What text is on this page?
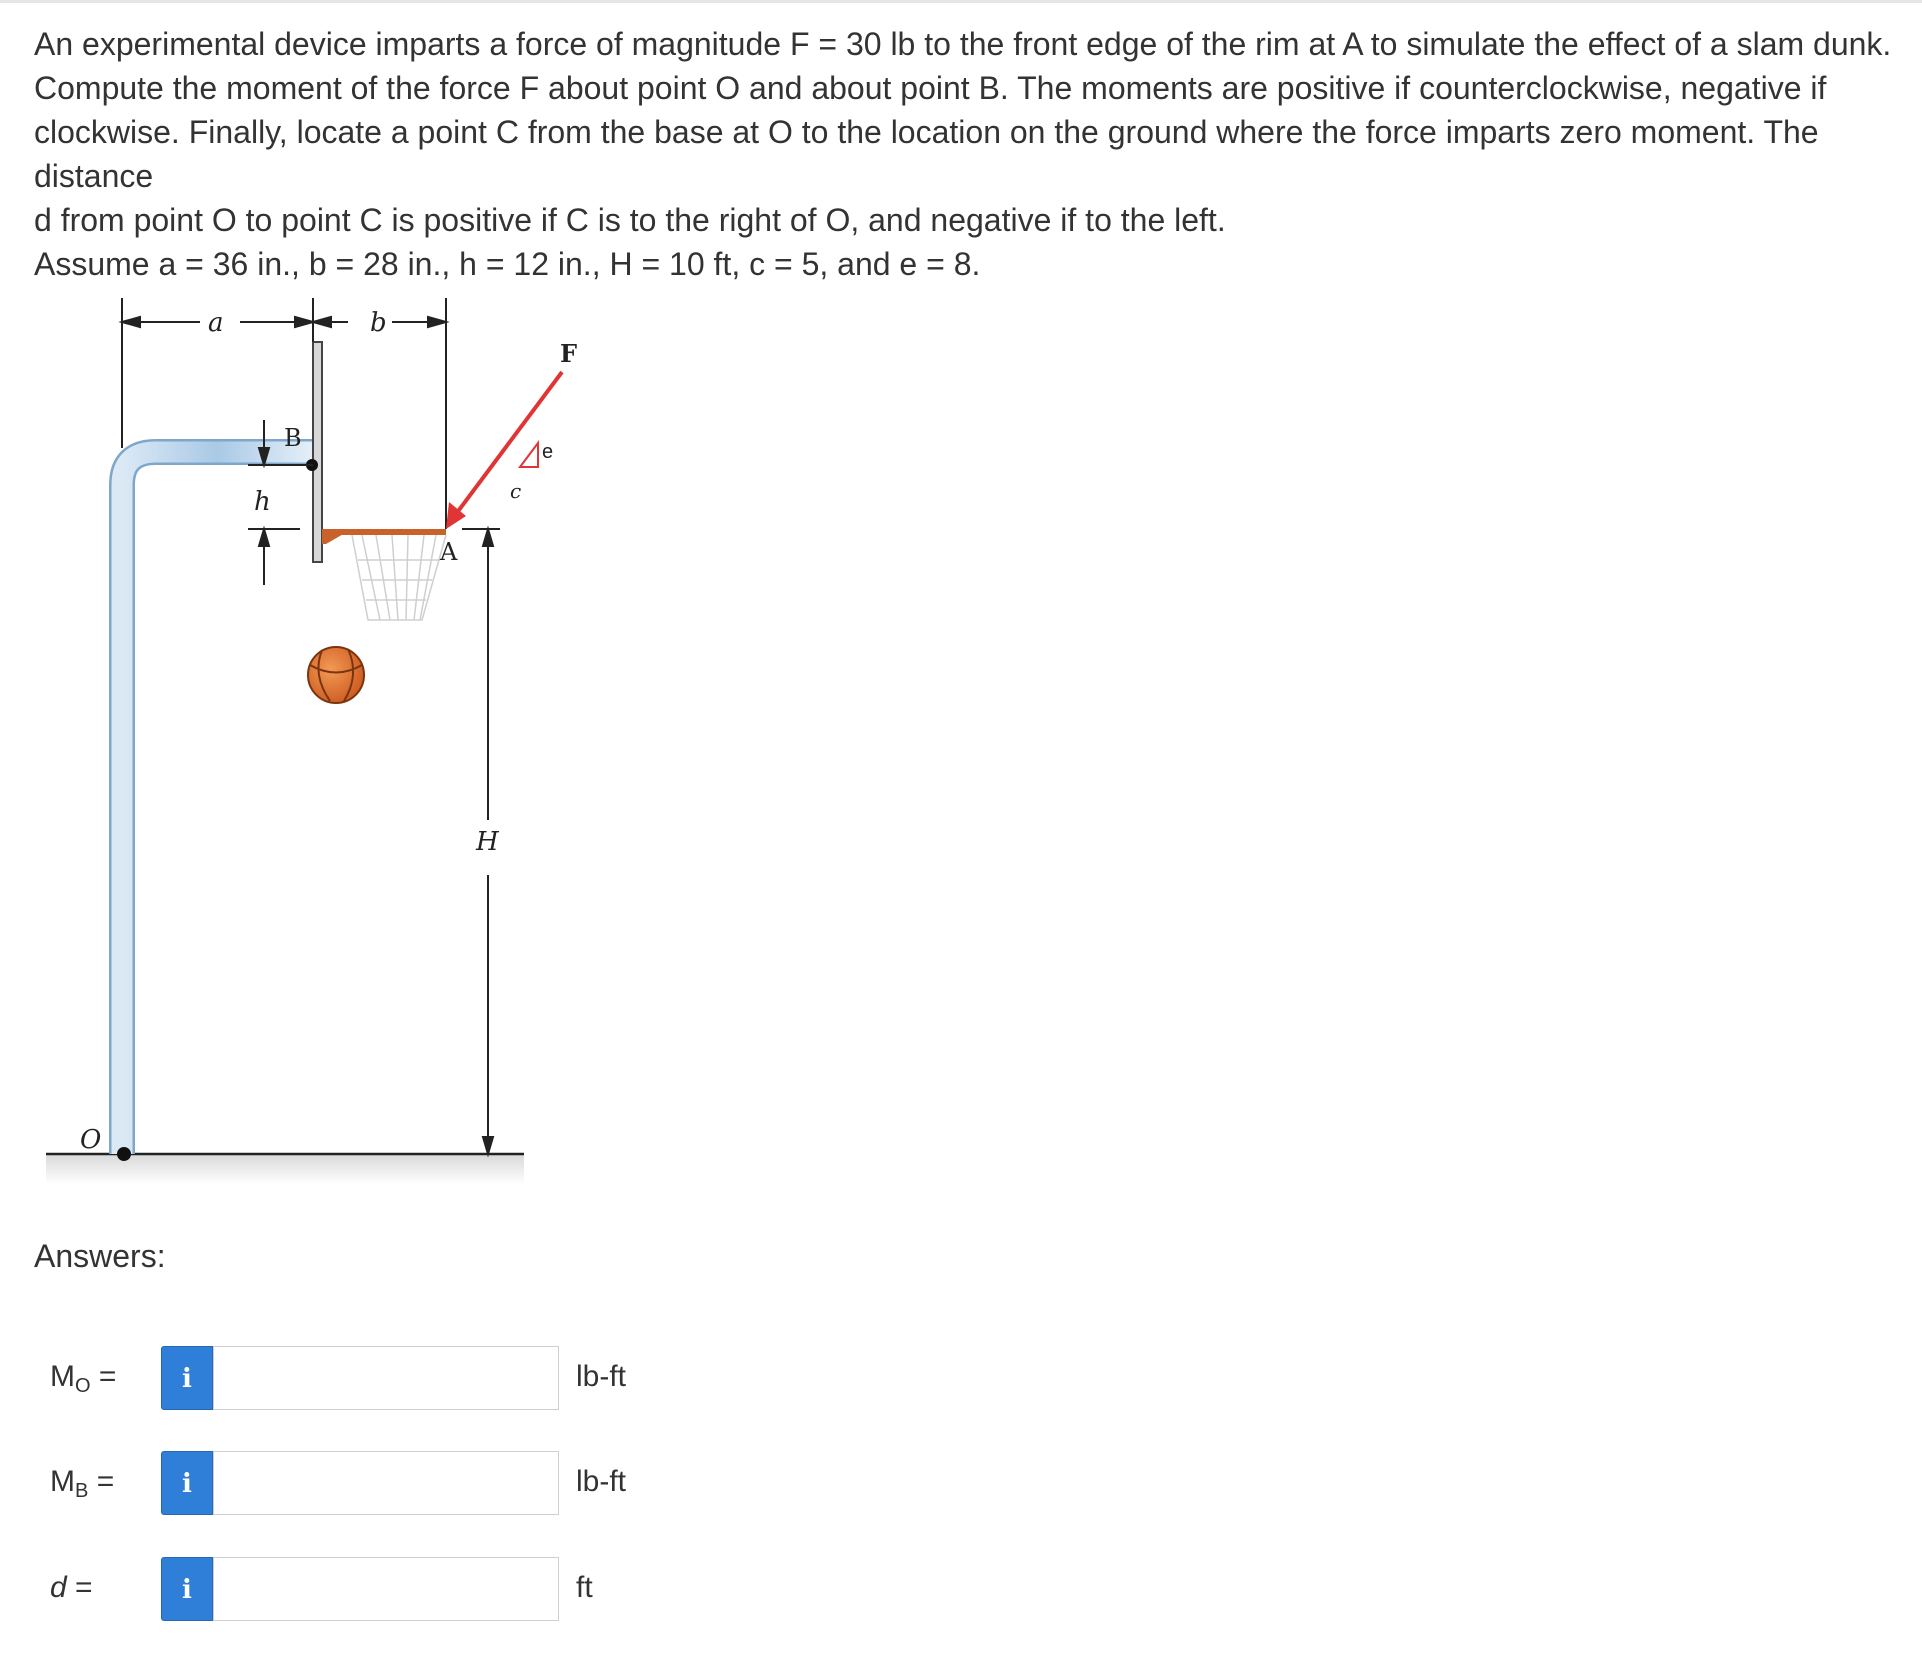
An experimental device imparts a force of magnitude F = 30 lb to the front edge of the rim at A to simulate the effect of a slam dunk.

Compute the moment of the force F about point O and about point B. The moments are positive if counterclockwise, negative if

clockwise. Finally, locate a point C from the base at O to the location on the ground where the force imparts zero moment. The distance

d from point O to point C is positive if C is to the right of O, and negative if to the left.

Assume a = 36 in., b = 28 in., h = 12 in., H = 10 ft, c = 5, and e = 8.

a	b
h
H
O
c
B
A
F
e
Answers:
$M_O$ =	i	lb-ft
$M_B$ =	i	lb-ft
d =	i	ft
